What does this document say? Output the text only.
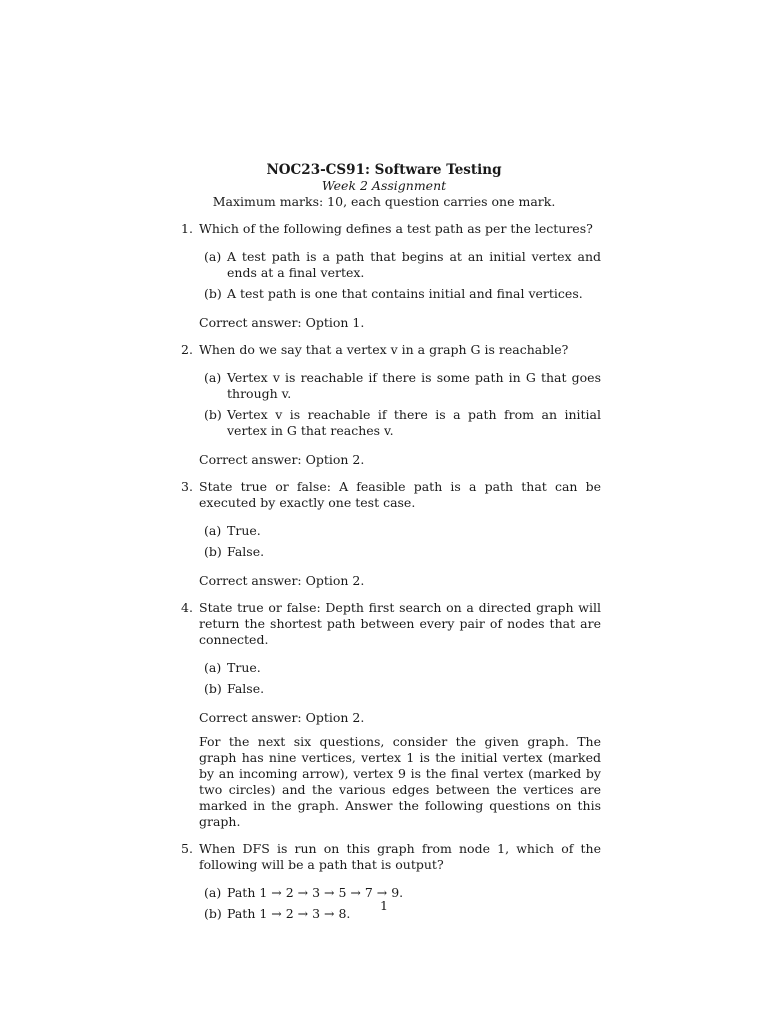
NOC23-CS91: Software Testing
Week 2 Assignment
Maximum marks: 10, each question carries one mark.
1. Which of the following defines a test path as per the lectures?
(a) A test path is a path that begins at an initial vertex and ends at a final vertex.
(b) A test path is one that contains initial and final vertices.
Correct answer: Option 1.
2. When do we say that a vertex v in a graph G is reachable?
(a) Vertex v is reachable if there is some path in G that goes through v.
(b) Vertex v is reachable if there is a path from an initial vertex in G that reaches v.
Correct answer: Option 2.
3. State true or false: A feasible path is a path that can be executed by exactly one test case.
(a) True.
(b) False.
Correct answer: Option 2.
4. State true or false: Depth first search on a directed graph will return the shortest path between every pair of nodes that are connected.
(a) True.
(b) False.
Correct answer: Option 2.
For the next six questions, consider the given graph. The graph has nine vertices, vertex 1 is the initial vertex (marked by an incoming arrow), vertex 9 is the final vertex (marked by two circles) and the various edges between the vertices are marked in the graph. Answer the following questions on this graph.
5. When DFS is run on this graph from node 1, which of the following will be a path that is output?
(a) Path 1 → 2 → 3 → 5 → 7 → 9.
(b) Path 1 → 2 → 3 → 8.
1
